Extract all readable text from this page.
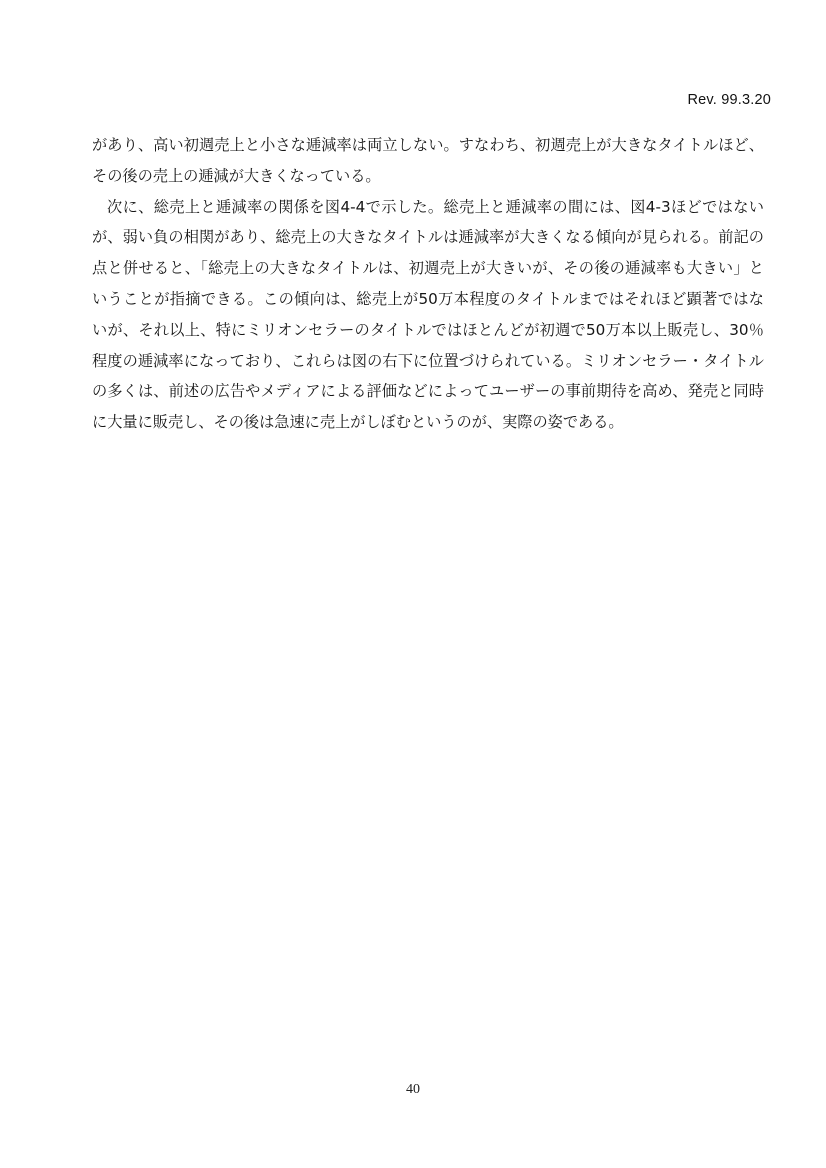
Rev. 99.3.20

があり、高い初週売上と小さな逓減率は両立しない。すなわち、初週売上が大きなタイトルほど、その後の売上の逓減が大きくなっている。

次に、総売上と逓減率の関係を図4-4で示した。総売上と逓減率の間には、図4-3ほどではないが、弱い負の相関があり、総売上の大きなタイトルは逓減率が大きくなる傾向が見られる。前記の点と併せると、「総売上の大きなタイトルは、初週売上が大きいが、その後の逓減率も大きい」ということが指摘できる。この傾向は、総売上が50万本程度のタイトルまではそれほど顕著ではないが、それ以上、特にミリオンセラーのタイトルではほとんどが初週で50万本以上販売し、30％程度の逓減率になっており、これらは図の右下に位置づけられている。ミリオンセラー・タイトルの多くは、前述の広告やメディアによる評価などによってユーザーの事前期待を高め、発売と同時に大量に販売し、その後は急速に売上がしぼむというのが、実際の姿である。

40
